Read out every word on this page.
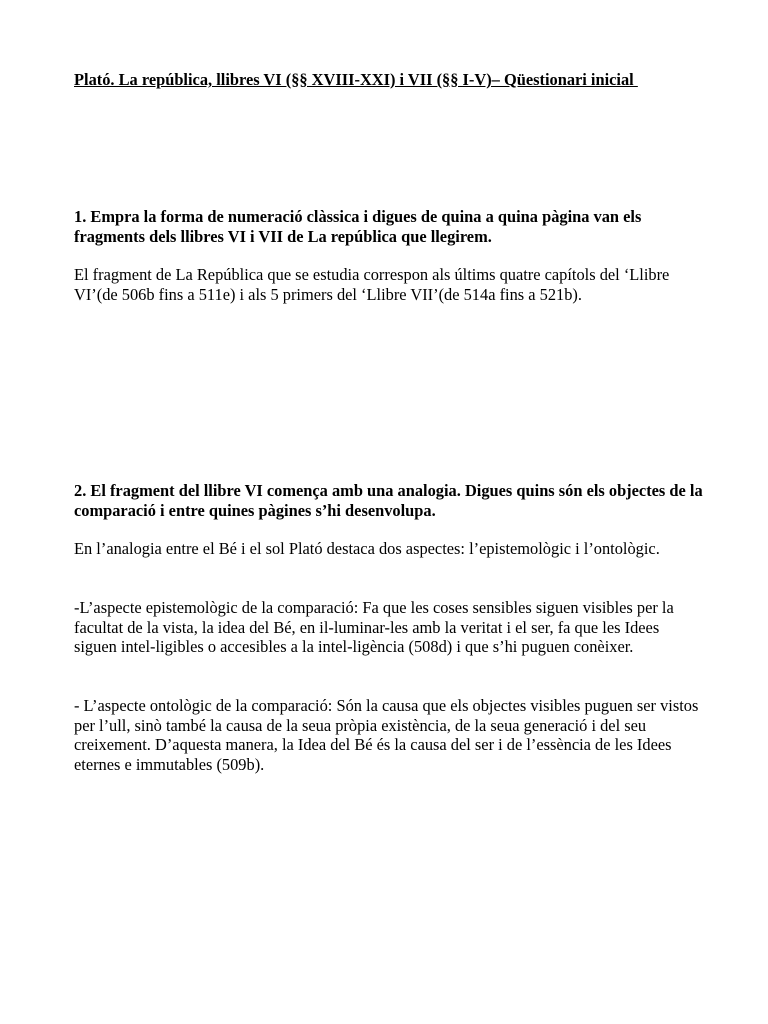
Plató. La república, llibres VI (§§ XVIII-XXI) i VII (§§ I-V)– Qüestionari inicial

1. Empra la forma de numeració clàssica i digues de quina a quina pàgina van els fragments dels llibres VI i VII de La república que llegirem.

El fragment de La República que se estudia correspon als últims quatre capítols del ‘Llibre VI’(de 506b fins a 511e) i als 5 primers del ‘Llibre VII’(de 514a fins a 521b).

2. El fragment del llibre VI comença amb una analogia. Digues quins són els objectes de la comparació i entre quines pàgines s’hi desenvolupa.

En l’analogia entre el Bé i el sol Plató destaca dos aspectes: l’epistemològic i l’ontològic.

-L’aspecte epistemològic de la comparació: Fa que les coses sensibles siguen visibles per la facultat de la vista, la idea del Bé, en il-luminar-les amb la veritat i el ser, fa que les Idees siguen intel-ligibles o accesibles a la intel-ligència (508d) i que s’hi puguen conèixer.

- L’aspecte ontològic de la comparació: Són la causa que els objectes visibles puguen ser vistos per l’ull, sinò també la causa de la seua pròpia existència, de la seua generació i del seu creixement. D’aquesta manera, la Idea del Bé és la causa del ser i de l’essència de les Idees eternes e immutables (509b).
